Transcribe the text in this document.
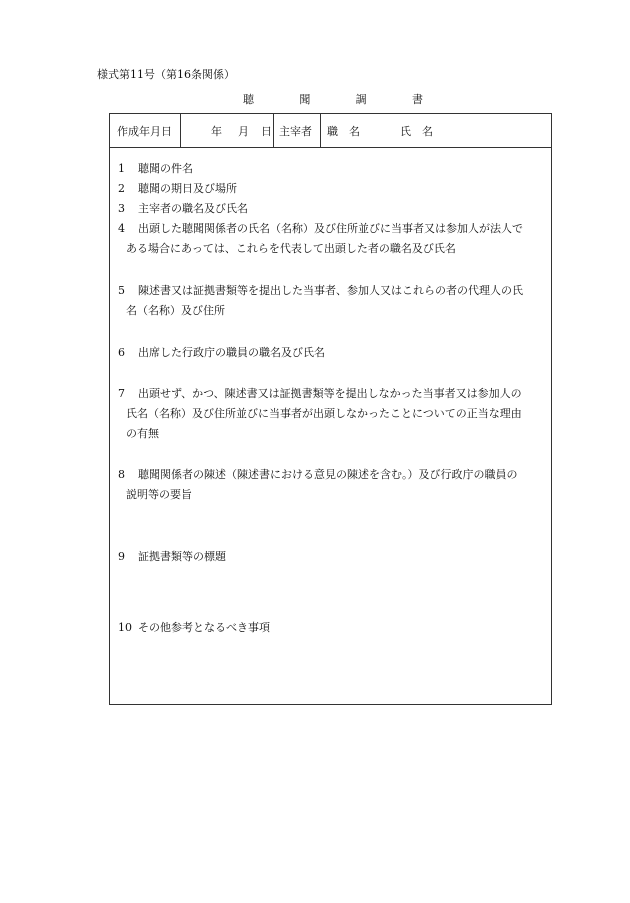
様式第11号（第16条関係）
聴	聞	調	書
作成年月日	年 月 日 主宰者	職　名	氏　名
1 聴聞の件名
2 聴聞の期日及び場所
3 主宰者の職名及び氏名
4 出頭した聴聞関係者の氏名（名称）及び住所並びに当事者又は参加人が法人で
ある場合にあっては、これらを代表して出頭した者の職名及び氏名
5 陳述書又は証拠書類等を提出した当事者、参加人又はこれらの者の代理人の氏
名（名称）及び住所
6 出席した行政庁の職員の職名及び氏名
7 出頭せず、かつ、陳述書又は証拠書類等を提出しなかった当事者又は参加人の
氏名（名称）及び住所並びに当事者が出頭しなかったことについての正当な理由
の有無
8 聴聞関係者の陳述（陳述書における意見の陳述を含む。）及び行政庁の職員の
説明等の要旨
9 証拠書類等の標題
10 その他参考となるべき事項
